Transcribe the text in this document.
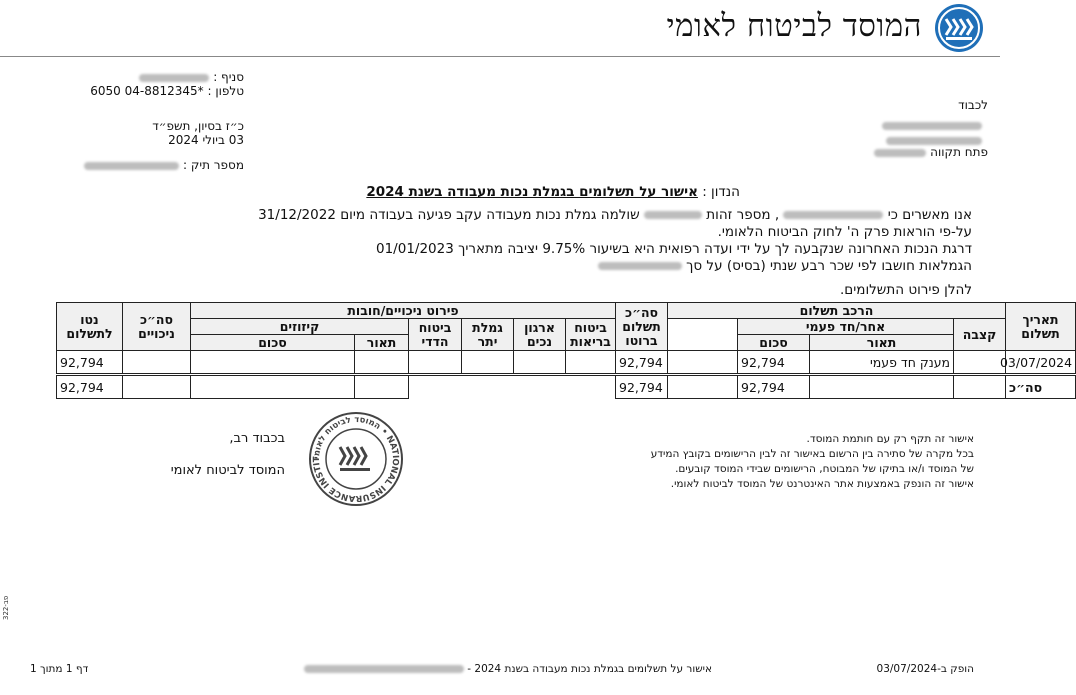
המוסד לביטוח לאומי
סניף :
טלפון : 6050 04-8812345*
כ״ז בסיון, תשפ״ד
03 ביולי 2024
מספר תיק :
לכבוד
פתח תקווה
הנדון : אישור על תשלומים בגמלת נכות מעבודה בשנת 2024
אנו מאשרים כי  , מספר זהות  שולמה גמלת נכות מעבודה עקב פגיעה בעבודה מיום 31/12/2022
על-פי הוראות פרק ה' לחוק הביטוח הלאומי.
דרגת הנכות האחרונה שנקבעה לך על ידי ועדה רפואית היא בשיעור 9.75% יציבה מתאריך 01/01/2023
הגמלאות חושבו לפי שכר רבע שנתי (בסיס) על סך
להלן פירוט התשלומים.
תאריך תשלום	הרכב תשלום				סה״כ תשלום ברוטו	פירוט ניכויים/חובות						סה״כ ניכויים	נטו לתשלום
	קצבה	אחר/חד פעמי				ביטוח בריאות	ארגון נכים	גמלת יתר	ביטוח הדדי	קיזוזים			
		תאור	סכום							תאור	סכום		
03/07/2024		מענק חד פעמי	92,794		92,794								92,794

סה״כ			92,794		92,794								92,794
אישור זה תקף רק עם חותמת המוסד.
בכל מקרה של סתירה בין הרשום באישור זה לבין הרישומים בקובץ המידע
של המוסד ו/או בתיקו של המבוטח, הרישומים שבידי המוסד קובעים.
אישור זה הונפק באמצעות אתר האינטרנט של המוסד לביטוח לאומי.
המוסד לביטוח לאומי • NATIONAL INSURANCE INSTIT
בכבוד רב,
המוסד לביטוח לאומי
322-פב
הופק ב-03/07/2024
אישור על תשלומים בגמלת נכות מעבודה בשנת 2024 -
דף 1 מתוך 1
